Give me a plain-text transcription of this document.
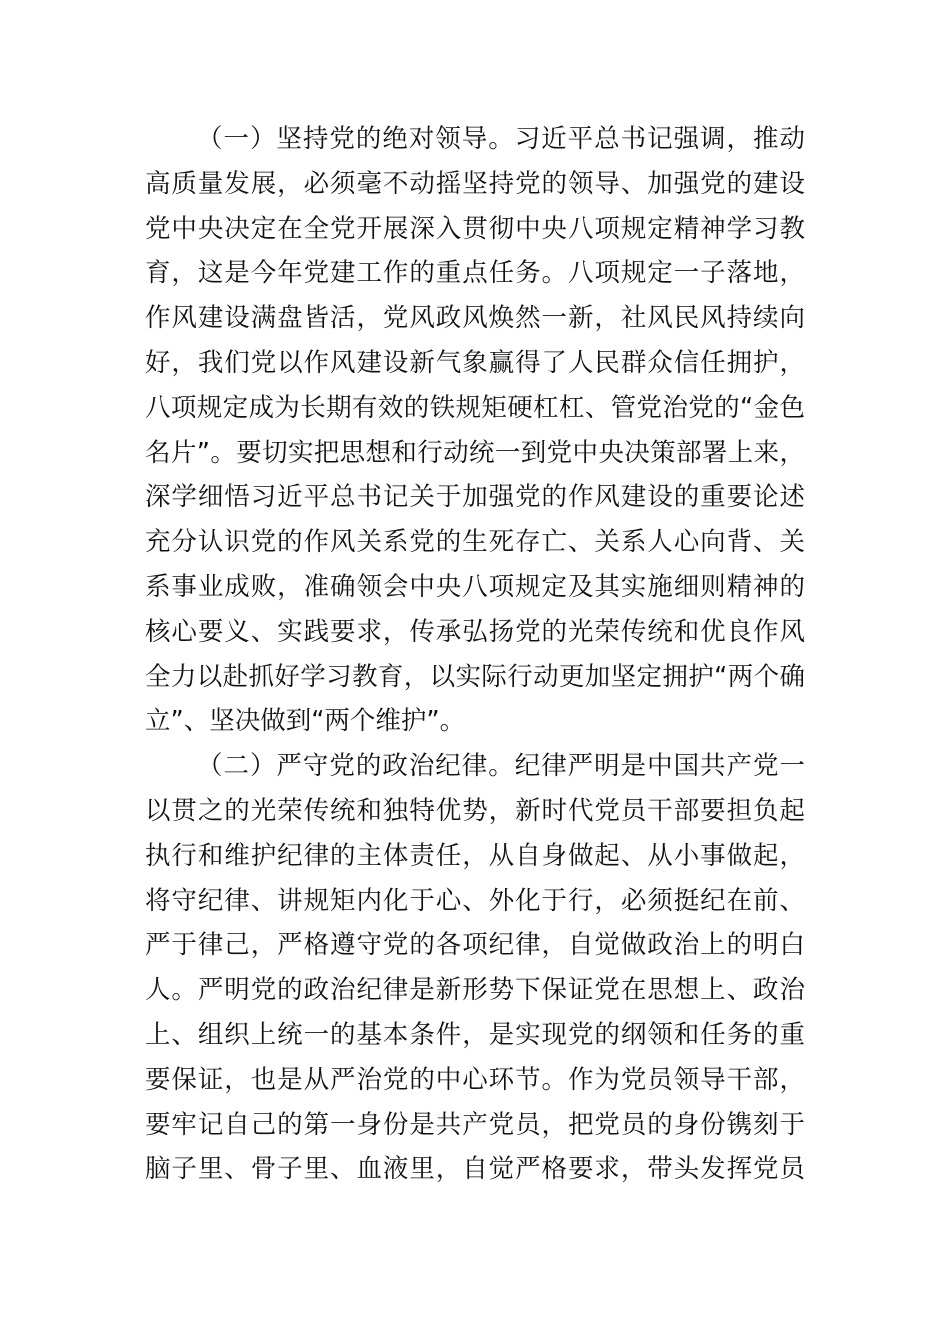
（一）坚持党的绝对领导。习近平总书记强调，推动
高质量发展，必须毫不动摇坚持党的领导、加强党的建设
党中央决定在全党开展深入贯彻中央八项规定精神学习教
育，这是今年党建工作的重点任务。八项规定一子落地，
作风建设满盘皆活，党风政风焕然一新，社风民风持续向
好，我们党以作风建设新气象赢得了人民群众信任拥护，
八项规定成为长期有效的铁规矩硬杠杠、管党治党的“金色
名片”。要切实把思想和行动统一到党中央决策部署上来，
深学细悟习近平总书记关于加强党的作风建设的重要论述
充分认识党的作风关系党的生死存亡、关系人心向背、关
系事业成败，准确领会中央八项规定及其实施细则精神的
核心要义、实践要求，传承弘扬党的光荣传统和优良作风
全力以赴抓好学习教育，以实际行动更加坚定拥护“两个确
立”、坚决做到“两个维护”。
（二）严守党的政治纪律。纪律严明是中国共产党一
以贯之的光荣传统和独特优势，新时代党员干部要担负起
执行和维护纪律的主体责任，从自身做起、从小事做起，
将守纪律、讲规矩内化于心、外化于行，必须挺纪在前、
严于律己，严格遵守党的各项纪律，自觉做政治上的明白
人。严明党的政治纪律是新形势下保证党在思想上、政治
上、组织上统一的基本条件，是实现党的纲领和任务的重
要保证，也是从严治党的中心环节。作为党员领导干部，
要牢记自己的第一身份是共产党员，把党员的身份镌刻于
脑子里、骨子里、血液里，自觉严格要求，带头发挥党员
